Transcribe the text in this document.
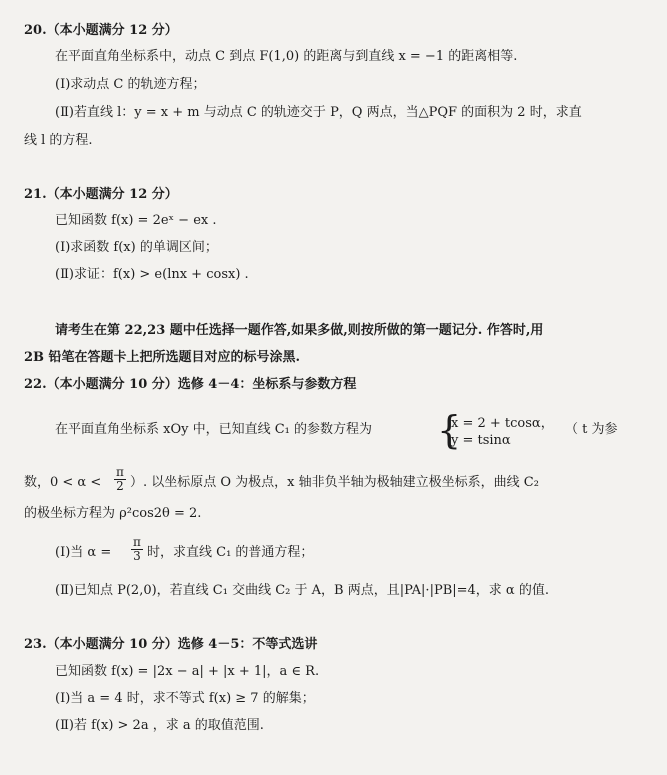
20.（本小题满分 12 分）
在平面直角坐标系中，动点 C 到点 F(1,0) 的距离与到直线 x = −1 的距离相等.
(Ⅰ)求动点 C 的轨迹方程；
(Ⅱ)若直线 l：y = x + m 与动点 C 的轨迹交于 P，Q 两点，当△PQF 的面积为 2 时，求直
线 l 的方程.
21.（本小题满分 12 分）
已知函数 f(x) = 2eˣ − ex .
(Ⅰ)求函数 f(x) 的单调区间；
(Ⅱ)求证：f(x) > e(lnx + cosx) .
请考生在第 22,23 题中任选择一题作答,如果多做,则按所做的第一题记分. 作答时,用
2B 铅笔在答题卡上把所选题目对应的标号涂黑.
22.（本小题满分 10 分）选修 4－4：坐标系与参数方程
在平面直角坐标系 xOy 中，已知直线 C₁ 的参数方程为 {
x = 2 + tcosα，
y = tsinα
（ t 为参
数，$0 < \alpha < \frac{\pi}{2}$ ）. 以坐标原点 O 为极点，x 轴非负半轴为极轴建立极坐标系，曲线 C₂
的极坐标方程为 ρ²cos2θ = 2.
(Ⅰ)当 $\alpha = \frac{\pi}{3}$ 时，求直线 C₁ 的普通方程；
(Ⅱ)已知点 P(2,0)，若直线 C₁ 交曲线 C₂ 于 A，B 两点，且|PA|·|PB|=4，求 α 的值.
23.（本小题满分 10 分）选修 4－5：不等式选讲
已知函数 f(x) = |2x − a| + |x + 1|，a ∈ R.
(Ⅰ)当 a = 4 时，求不等式 f(x) ≥ 7 的解集；
(Ⅱ)若 f(x) > 2a ，求 a 的取值范围.
